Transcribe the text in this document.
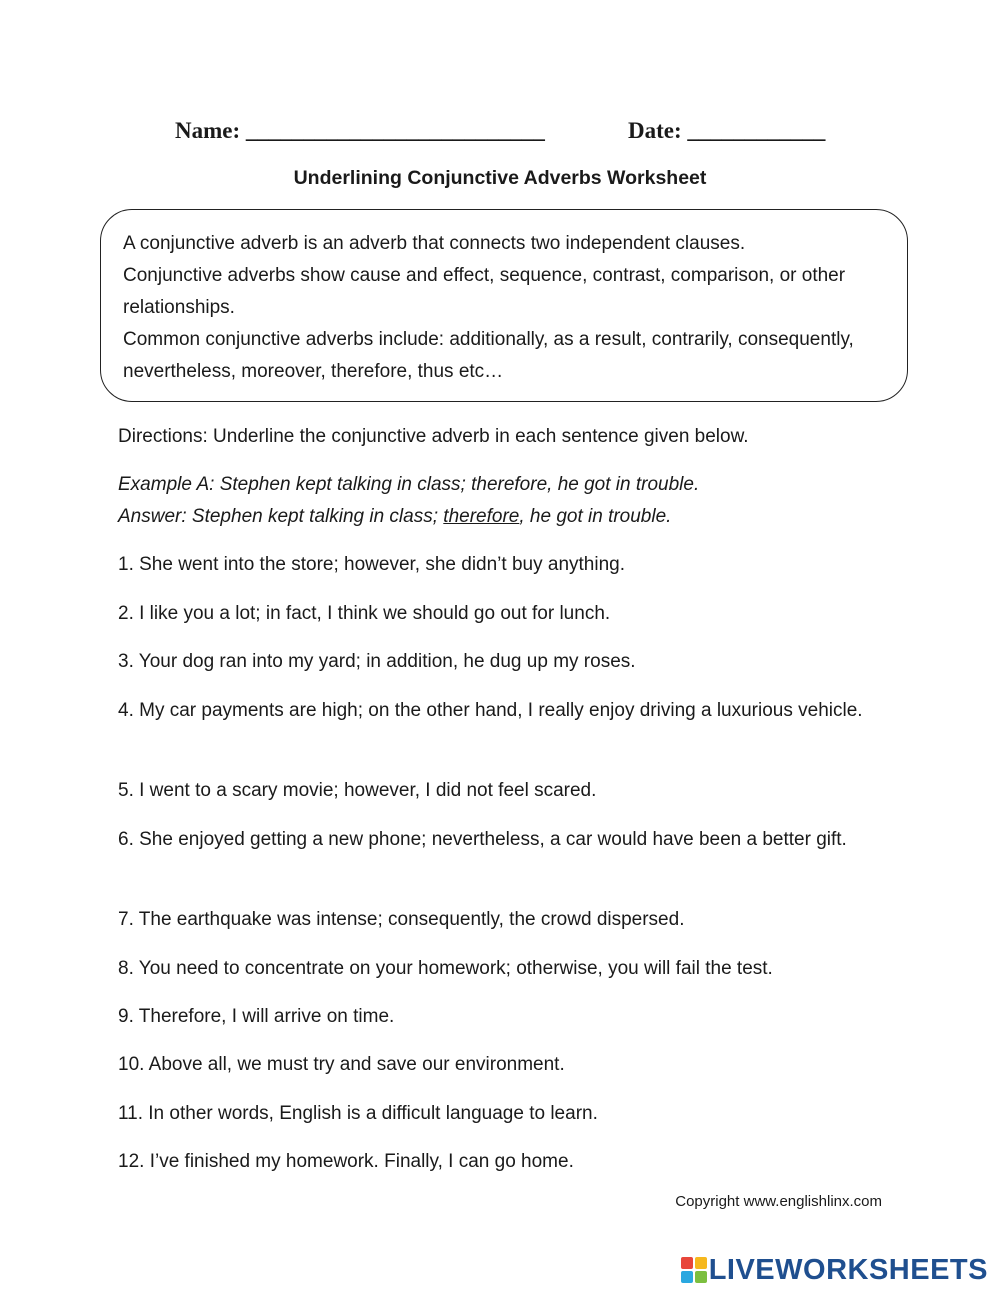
Name: __________________________	Date: ____________
Underlining Conjunctive Adverbs Worksheet

A conjunctive adverb is an adverb that connects two independent clauses.

Conjunctive adverbs show cause and effect, sequence, contrast, comparison, or other relationships.

Common conjunctive adverbs include: additionally, as a result, contrarily, consequently, nevertheless, moreover, therefore, thus etc…

Directions: Underline the conjunctive adverb in each sentence given below.

Example A: Stephen kept talking in class; therefore, he got in trouble.

Answer: Stephen kept talking in class; therefore, he got in trouble.

1. She went into the store; however, she didn’t buy anything.
2. I like you a lot; in fact, I think we should go out for lunch.
3. Your dog ran into my yard; in addition, he dug up my roses.
4. My car payments are high; on the other hand, I really enjoy driving a luxurious vehicle.
5. I went to a scary movie; however, I did not feel scared.
6. She enjoyed getting a new phone; nevertheless, a car would have been a better gift.
7. The earthquake was intense; consequently, the crowd dispersed.
8. You need to concentrate on your homework; otherwise, you will fail the test.
9. Therefore, I will arrive on time.
10. Above all, we must try and save our environment.
11. In other words, English is a difficult language to learn.
12. I’ve finished my homework. Finally, I can go home.
Copyright www.englishlinx.com
LIVEWORKSHEETS
